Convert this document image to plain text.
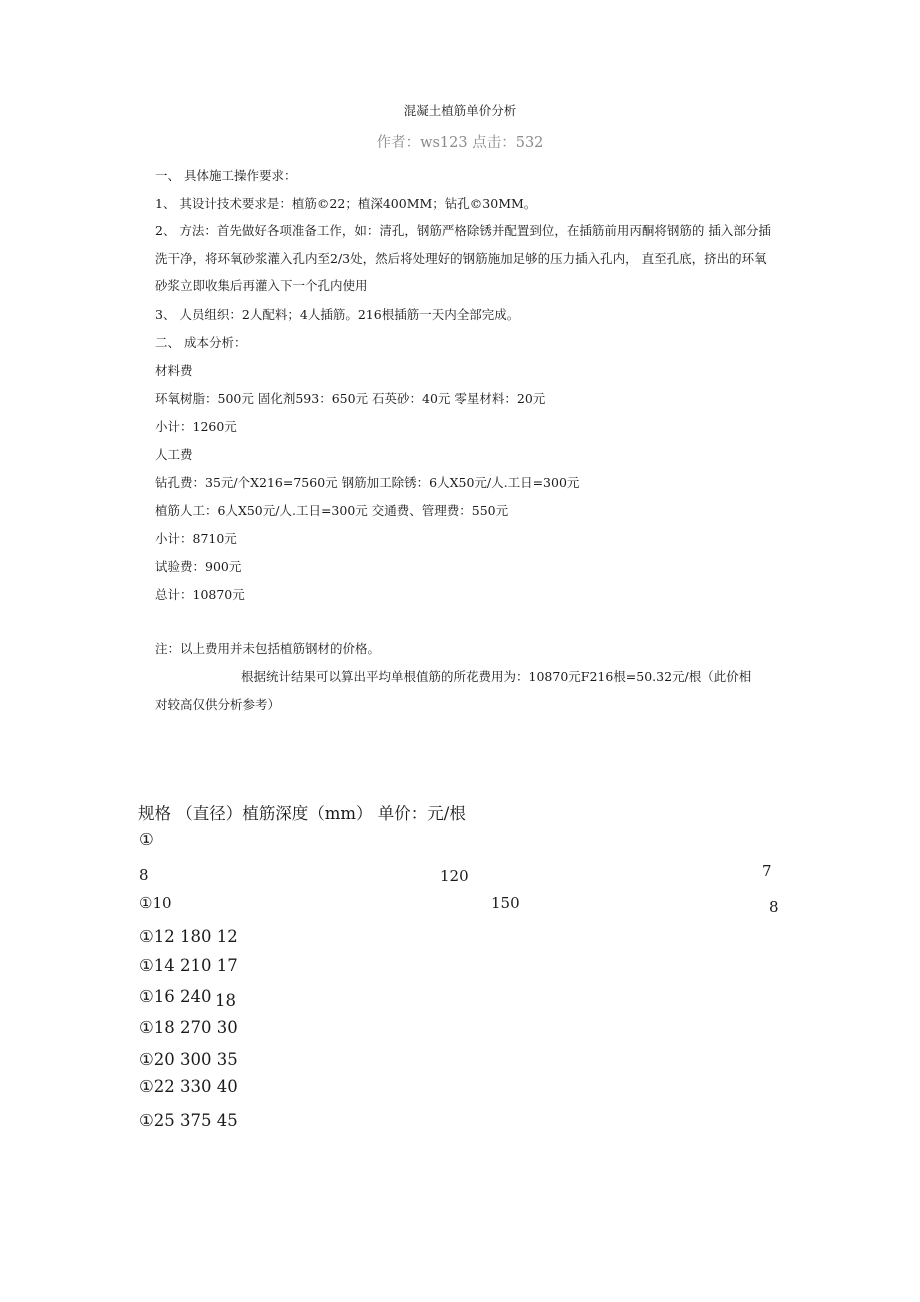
混凝土植筋单价分析
作者：ws123 点击：532
一、 具体施工操作要求：
1、 其设计技术要求是：植筋©22；植深400MM；钻孔©30MM。
2、 方法：首先做好各项准备工作，如：清孔，钢筋严格除锈并配置到位，在插筋前用丙酮将钢筋的 插入部分插洗干净，将环氧砂浆灌入孔内至2/3处，然后将处理好的钢筋施加足够的压力插入孔内， 直至孔底，挤出的环氧砂浆立即收集后再灌入下一个孔内使用
3、 人员组织：2人配料；4人插筋。216根插筋一天内全部完成。
二、 成本分析：
材料费
环氧树脂：500元 固化剂593：650元 石英砂：40元 零星材料：20元
小计：1260元
人工费
钻孔费：35元/个X216=7560元 钢筋加工除锈：6人X50元/人.工日=300元
植筋人工：6人X50元/人.工日=300元 交通费、管理费：550元
小计：8710元
试验费：900元
总计：10870元
注：以上费用并未包括植筋钢材的价格。
根据统计结果可以算出平均单根值筋的所花费用为：10870元F216根=50.32元/根（此价相
对较高仅供分析参考）
规格 （直径）植筋深度（mm） 单价：元/根
①
8	120	7
①10	150	8
①12 180 12
①14 210 17
①16 240 18
①18 270 30
①20 300 35
①22 330 40
①25 375 45
